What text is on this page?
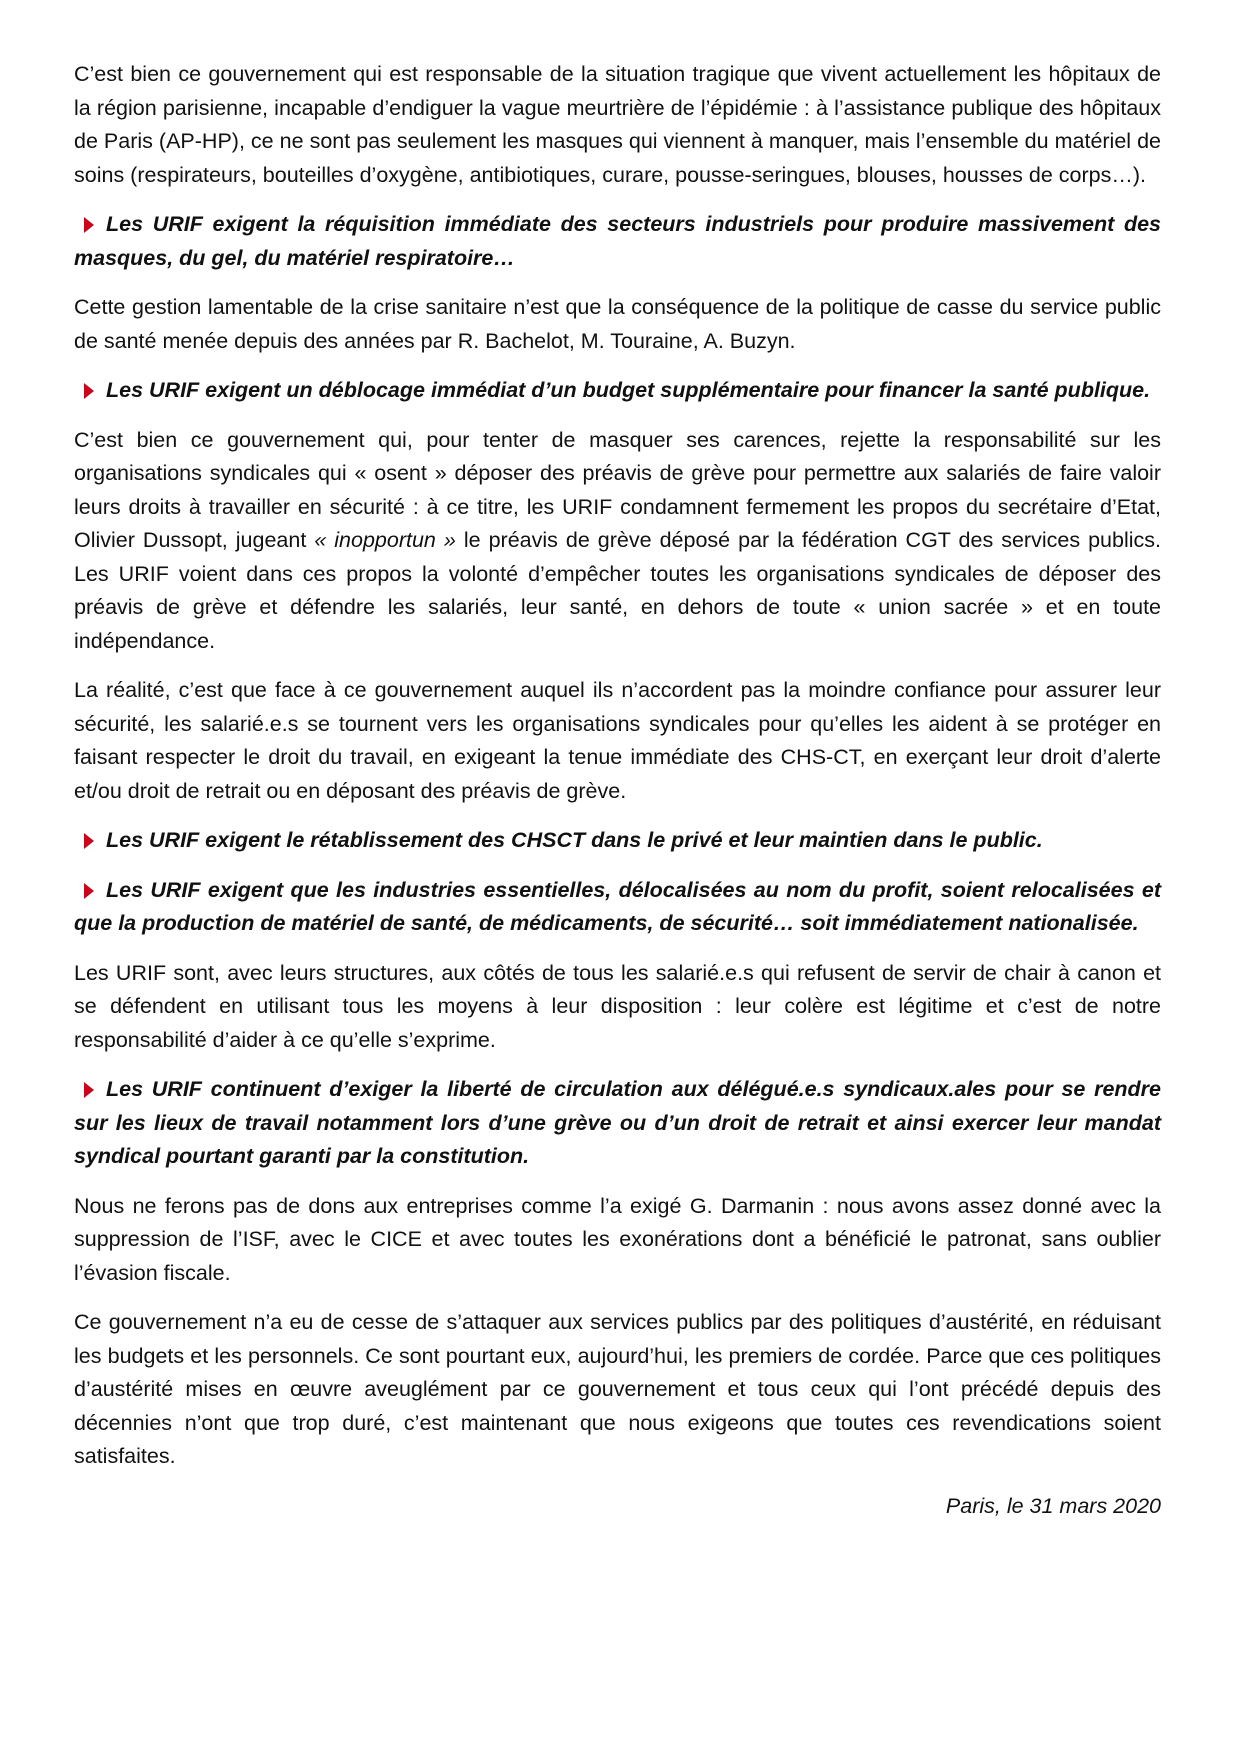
C’est bien ce gouvernement qui est responsable de la situation tragique que vivent actuellement les hôpitaux de la région parisienne, incapable d’endiguer la vague meurtrière de l’épidémie : à l’assistance publique des hôpitaux de Paris (AP-HP), ce ne sont pas seulement les masques qui viennent à manquer, mais l’ensemble du matériel de soins (respirateurs, bouteilles d’oxygène, antibiotiques, curare, pousse-seringues, blouses, housses de corps…).

Les URIF exigent la réquisition immédiate des secteurs industriels pour produire massivement des masques, du gel, du matériel respiratoire…

Cette gestion lamentable de la crise sanitaire n’est que la conséquence de la politique de casse du service public de santé menée depuis des années par R. Bachelot, M. Touraine, A. Buzyn.

Les URIF exigent un déblocage immédiat d’un budget supplémentaire pour financer la santé publique.

C’est bien ce gouvernement qui, pour tenter de masquer ses carences, rejette la responsabilité sur les organisations syndicales qui « osent » déposer des préavis de grève pour permettre aux salariés de faire valoir leurs droits à travailler en sécurité : à ce titre, les URIF condamnent fermement les propos du secrétaire d’Etat, Olivier Dussopt, jugeant « inopportun » le préavis de grève déposé par la fédération CGT des services publics. Les URIF voient dans ces propos la volonté d’empêcher toutes les organisations syndicales de déposer des préavis de grève et défendre les salariés, leur santé, en dehors de toute « union sacrée » et en toute indépendance.

La réalité, c’est que face à ce gouvernement auquel ils n’accordent pas la moindre confiance pour assurer leur sécurité, les salarié.e.s se tournent vers les organisations syndicales pour qu’elles les aident à se protéger en faisant respecter le droit du travail, en exigeant la tenue immédiate des CHS-CT, en exerçant leur droit d’alerte et/ou droit de retrait ou en déposant des préavis de grève.

Les URIF exigent le rétablissement des CHSCT dans le privé et leur maintien dans le public.

Les URIF exigent que les industries essentielles, délocalisées au nom du profit, soient relocalisées et que la production de matériel de santé, de médicaments, de sécurité… soit immédiatement nationalisée.

Les URIF sont, avec leurs structures, aux côtés de tous les salarié.e.s qui refusent de servir de chair à canon et se défendent en utilisant tous les moyens à leur disposition : leur colère est légitime et c’est de notre responsabilité d’aider à ce qu’elle s’exprime.

Les URIF continuent d’exiger la liberté de circulation aux délégué.e.s syndicaux.ales pour se rendre sur les lieux de travail notamment lors d’une grève ou d’un droit de retrait et ainsi exercer leur mandat syndical pourtant garanti par la constitution.

Nous ne ferons pas de dons aux entreprises comme l’a exigé G. Darmanin : nous avons assez donné avec la suppression de l’ISF, avec le CICE et avec toutes les exonérations dont a bénéficié le patronat, sans oublier l’évasion fiscale.

Ce gouvernement n’a eu de cesse de s’attaquer aux services publics par des politiques d’austérité, en réduisant les budgets et les personnels. Ce sont pourtant eux, aujourd’hui, les premiers de cordée. Parce que ces politiques d’austérité mises en œuvre aveuglément par ce gouvernement et tous ceux qui l’ont précédé depuis des décennies n’ont que trop duré, c’est maintenant que nous exigeons que toutes ces revendications soient satisfaites.

Paris, le 31 mars 2020
